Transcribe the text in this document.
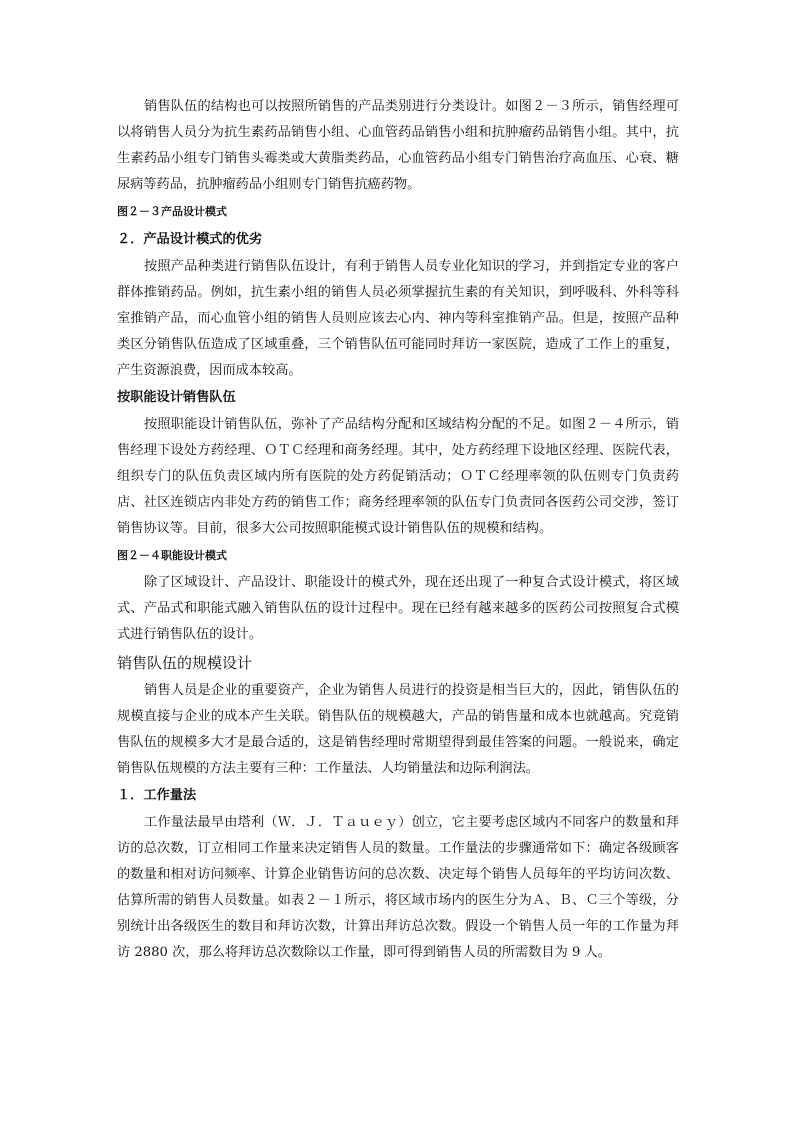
销售队伍的结构也可以按照所销售的产品类别进行分类设计。如图２－３所示，销售经理可以将销售人员分为抗生素药品销售小组、心血管药品销售小组和抗肿瘤药品销售小组。其中，抗生素药品小组专门销售头霉类或大黄脂类药品，心血管药品小组专门销售治疗高血压、心衰、糖尿病等药品，抗肿瘤药品小组则专门销售抗癌药物。

图２－３产品设计模式

２．产品设计模式的优劣

按照产品种类进行销售队伍设计，有利于销售人员专业化知识的学习，并到指定专业的客户群体推销药品。例如，抗生素小组的销售人员必须掌握抗生素的有关知识，到呼吸科、外科等科室推销产品，而心血管小组的销售人员则应该去心内、神内等科室推销产品。但是，按照产品种类区分销售队伍造成了区域重叠，三个销售队伍可能同时拜访一家医院，造成了工作上的重复，产生资源浪费，因而成本较高。

按职能设计销售队伍

按照职能设计销售队伍，弥补了产品结构分配和区域结构分配的不足。如图２－４所示，销售经理下设处方药经理、ＯＴＣ经理和商务经理。其中，处方药经理下设地区经理、医院代表，组织专门的队伍负责区域内所有医院的处方药促销活动；ＯＴＣ经理率领的队伍则专门负责药店、社区连锁店内非处方药的销售工作；商务经理率领的队伍专门负责同各医药公司交涉，签订销售协议等。目前，很多大公司按照职能模式设计销售队伍的规模和结构。

图２－４职能设计模式

除了区域设计、产品设计、职能设计的模式外，现在还出现了一种复合式设计模式，将区域式、产品式和职能式融入销售队伍的设计过程中。现在已经有越来越多的医药公司按照复合式模式进行销售队伍的设计。

销售队伍的规模设计

销售人员是企业的重要资产，企业为销售人员进行的投资是相当巨大的，因此，销售队伍的规模直接与企业的成本产生关联。销售队伍的规模越大，产品的销售量和成本也就越高。究竟销售队伍的规模多大才是最合适的，这是销售经理时常期望得到最佳答案的问题。一般说来，确定销售队伍规模的方法主要有三种：工作量法、人均销量法和边际利润法。

１．工作量法

工作量法最早由塔利（Ｗ．Ｊ．Ｔａｕｅｙ）创立，它主要考虑区域内不同客户的数量和拜访的总次数，订立相同工作量来决定销售人员的数量。工作量法的步骤通常如下：确定各级顾客的数量和相对访问频率、计算企业销售访问的总次数、决定每个销售人员每年的平均访问次数、估算所需的销售人员数量。如表２－１所示，将区域市场内的医生分为Ａ、Ｂ、Ｃ三个等级，分别统计出各级医生的数目和拜访次数，计算出拜访总次数。假设一个销售人员一年的工作量为拜访 2880 次，那么将拜访总次数除以工作量，即可得到销售人员的所需数目为 9 人。
